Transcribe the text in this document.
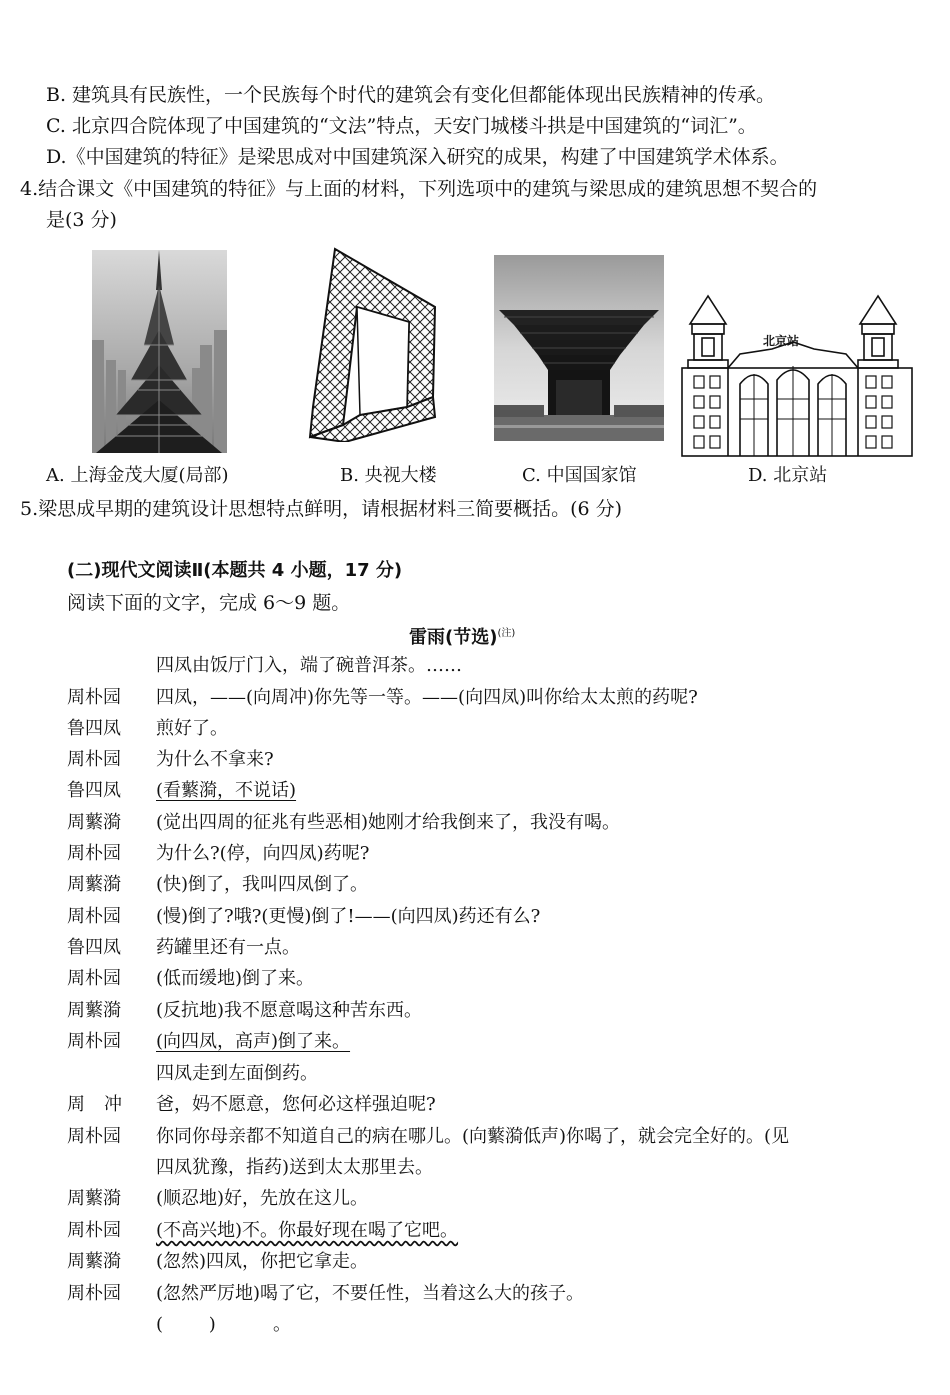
B. 建筑具有民族性，一个民族每个时代的建筑会有变化但都能体现出民族精神的传承。
C. 北京四合院体现了中国建筑的“文法”特点，天安门城楼斗拱是中国建筑的“词汇”。
D.《中国建筑的特征》是梁思成对中国建筑深入研究的成果，构建了中国建筑学术体系。
4.结合课文《中国建筑的特征》与上面的材料，下列选项中的建筑与梁思成的建筑思想不契合的
是(3 分)
北京站
A. 上海金茂大厦(局部)	B. 央视大楼	C. 中国国家馆	D. 北京站
5.梁思成早期的建筑设计思想特点鲜明，请根据材料三简要概括。(6 分)
(二)现代文阅读Ⅱ(本题共 4 小题，17 分)
阅读下面的文字，完成 6～9 题。
雷雨(节选)$^{(注)}$
四凤由饭厅门入，端了碗普洱茶。……
周朴园 四凤，——(向周冲)你先等一等。——(向四凤)叫你给太太煎的药呢?
鲁四凤 煎好了。
周朴园 为什么不拿来?
鲁四凤 (看蘩漪，不说话)
周蘩漪 (觉出四周的征兆有些恶相)她刚才给我倒来了，我没有喝。
周朴园 为什么?(停，向四凤)药呢?
周蘩漪 (快)倒了，我叫四凤倒了。
周朴园 (慢)倒了?哦?(更慢)倒了!——(向四凤)药还有么?
鲁四凤 药罐里还有一点。
周朴园 (低而缓地)倒了来。
周蘩漪 (反抗地)我不愿意喝这种苦东西。
周朴园 (向四凤，高声)倒了来。
四凤走到左面倒药。
周冲 爸，妈不愿意，您何必这样强迫呢?
周朴园 你同你母亲都不知道自己的病在哪儿。(向蘩漪低声)你喝了，就会完全好的。(见
四凤犹豫，指药)送到太太那里去。
周蘩漪 (顺忍地)好，先放在这儿。
周朴园 (不高兴地)不。你最好现在喝了它吧。
周蘩漪 (忽然)四凤，你把它拿走。
周朴园 (忽然严厉地)喝了它，不要任性，当着这么大的孩子。
(        )          。
